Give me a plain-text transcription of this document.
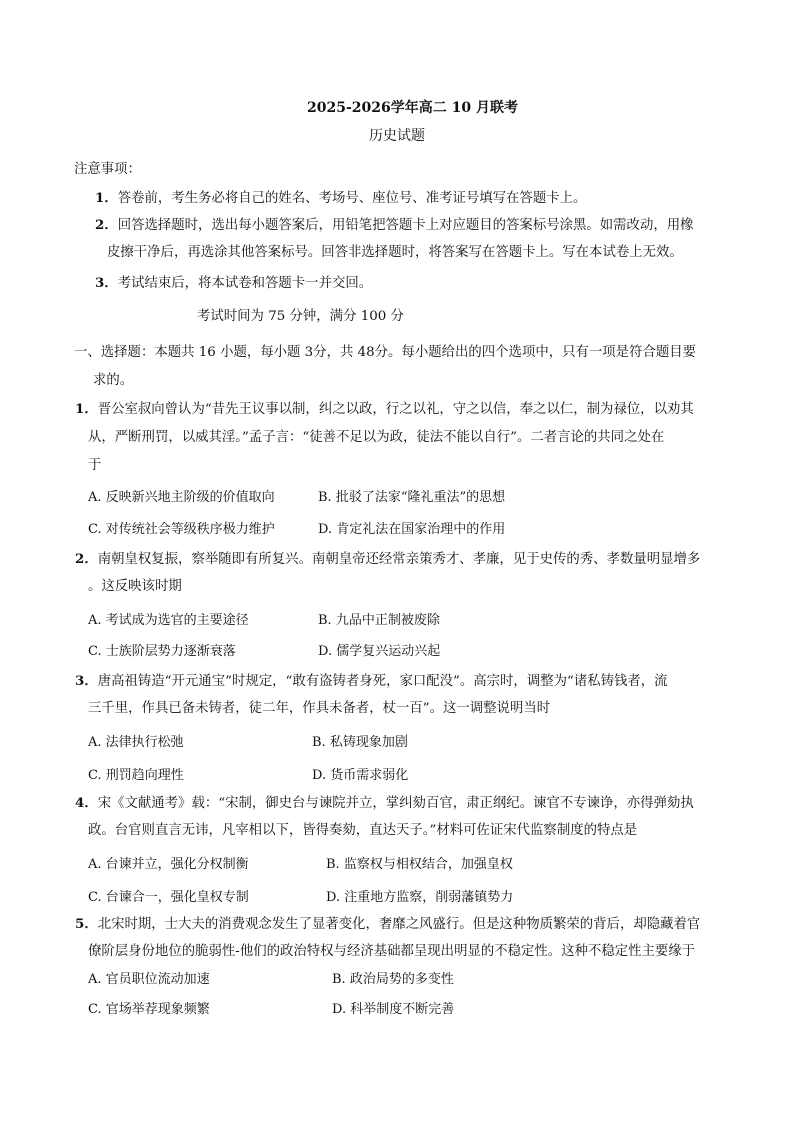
2025-2026学年高二 10 月联考
历史试题
注意事项：
1．答卷前，考生务必将自己的姓名、考场号、座位号、准考证号填写在答题卡上。
2．回答选择题时，选出每小题答案后，用铅笔把答题卡上对应题目的答案标号涂黑。如需改动，用橡
皮擦干净后，再选涂其他答案标号。回答非选择题时，将答案写在答题卡上。写在本试卷上无效。
3．考试结束后，将本试卷和答题卡一并交回。
考试时间为 75 分钟，满分 100 分
一、选择题：本题共 16 小题，每小题 3分，共 48分。每小题给出的四个选项中，只有一项是符合题目要
求的。
1．晋公室叔向曾认为“昔先王议事以制，纠之以政，行之以礼，守之以信，奉之以仁，制为禄位，以劝其
从，严断刑罚，以威其淫。”孟子言：“徒善不足以为政，徒法不能以自行”。二者言论的共同之处在
于
A. 反映新兴地主阶级的价值取向	B. 批驳了法家“隆礼重法”的思想
C. 对传统社会等级秩序极力维护	D. 肯定礼法在国家治理中的作用
2．南朝皇权复振，察举随即有所复兴。南朝皇帝还经常亲策秀才、孝廉，见于史传的秀、孝数量明显增多
。这反映该时期
A. 考试成为选官的主要途径	B. 九品中正制被废除
C. 士族阶层势力逐渐衰落	D. 儒学复兴运动兴起
3．唐高祖铸造“开元通宝”时规定，“敢有盗铸者身死，家口配没”。高宗时，调整为“诸私铸钱者，流
三千里，作具已备未铸者，徒二年，作具未备者，杖一百”。这一调整说明当时
A. 法律执行松弛	B. 私铸现象加剧
C. 刑罚趋向理性	D. 货币需求弱化
4．宋《文献通考》载：“宋制，御史台与谏院并立，掌纠劾百官，肃正纲纪。谏官不专谏诤，亦得弹劾执
政。台官则直言无讳，凡宰相以下，皆得奏劾，直达天子。”材料可佐证宋代监察制度的特点是
A. 台谏并立，强化分权制衡	B. 监察权与相权结合，加强皇权
C. 台谏合一，强化皇权专制	D. 注重地方监察，削弱藩镇势力
5．北宋时期，士大夫的消费观念发生了显著变化，奢靡之风盛行。但是这种物质繁荣的背后，却隐藏着官
僚阶层身份地位的脆弱性-他们的政治特权与经济基础都呈现出明显的不稳定性。这种不稳定性主要缘于
A. 官员职位流动加速	B. 政治局势的多变性
C. 官场举荐现象频繁	D. 科举制度不断完善
